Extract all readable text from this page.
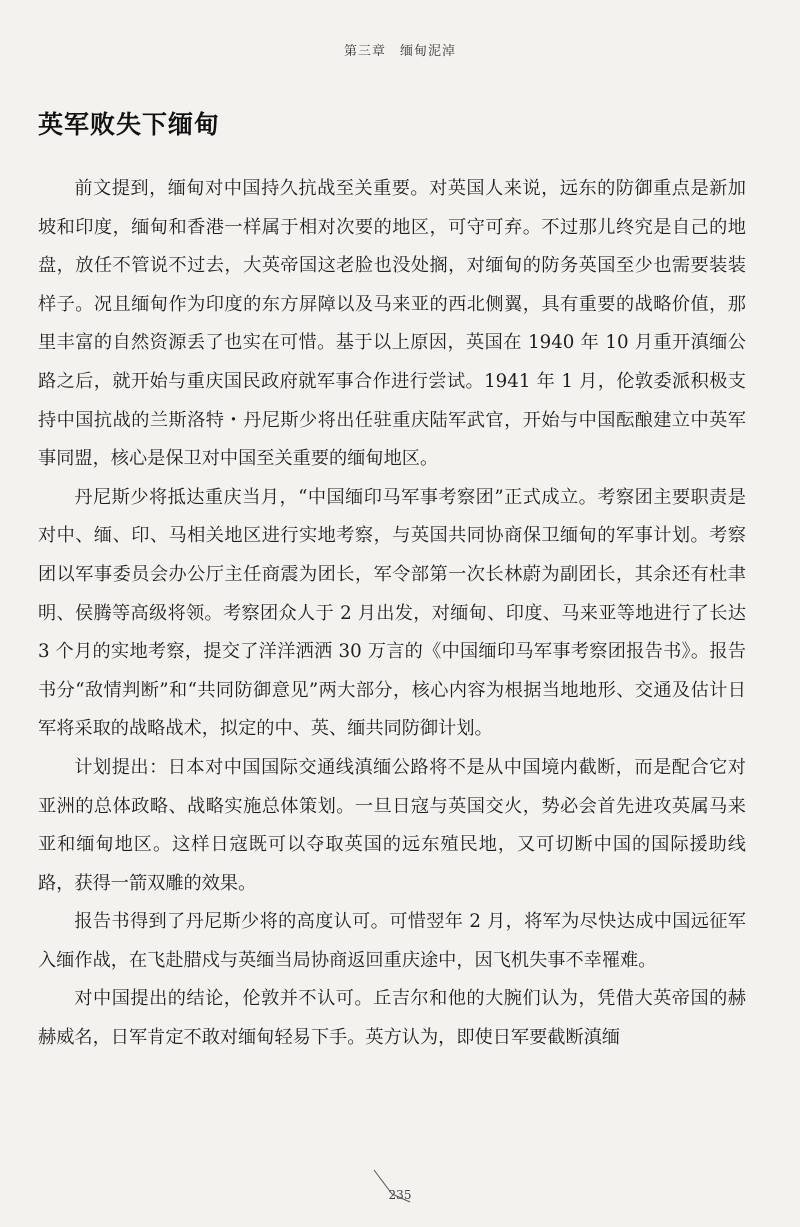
第三章 缅甸泥淖
英军败失下缅甸

前文提到，缅甸对中国持久抗战至关重要。对英国人来说，远东的防御重点是新加坡和印度，缅甸和香港一样属于相对次要的地区，可守可弃。不过那儿终究是自己的地盘，放任不管说不过去，大英帝国这老脸也没处搁，对缅甸的防务英国至少也需要装装样子。况且缅甸作为印度的东方屏障以及马来亚的西北侧翼，具有重要的战略价值，那里丰富的自然资源丢了也实在可惜。基于以上原因，英国在 1940 年 10 月重开滇缅公路之后，就开始与重庆国民政府就军事合作进行尝试。1941 年 1 月，伦敦委派积极支持中国抗战的兰斯洛特・丹尼斯少将出任驻重庆陆军武官，开始与中国酝酿建立中英军事同盟，核心是保卫对中国至关重要的缅甸地区。

丹尼斯少将抵达重庆当月，“中国缅印马军事考察团”正式成立。考察团主要职责是对中、缅、印、马相关地区进行实地考察，与英国共同协商保卫缅甸的军事计划。考察团以军事委员会办公厅主任商震为团长，军令部第一次长林蔚为副团长，其余还有杜聿明、侯腾等高级将领。考察团众人于 2 月出发，对缅甸、印度、马来亚等地进行了长达 3 个月的实地考察，提交了洋洋洒洒 30 万言的《中国缅印马军事考察团报告书》。报告书分“敌情判断”和“共同防御意见”两大部分，核心内容为根据当地地形、交通及估计日军将采取的战略战术，拟定的中、英、缅共同防御计划。

计划提出：日本对中国国际交通线滇缅公路将不是从中国境内截断，而是配合它对亚洲的总体政略、战略实施总体策划。一旦日寇与英国交火，势必会首先进攻英属马来亚和缅甸地区。这样日寇既可以夺取英国的远东殖民地，又可切断中国的国际援助线路，获得一箭双雕的效果。

报告书得到了丹尼斯少将的高度认可。可惜翌年 2 月，将军为尽快达成中国远征军入缅作战，在飞赴腊戍与英缅当局协商返回重庆途中，因飞机失事不幸罹难。

对中国提出的结论，伦敦并不认可。丘吉尔和他的大腕们认为，凭借大英帝国的赫赫威名，日军肯定不敢对缅甸轻易下手。英方认为，即使日军要截断滇缅

235
